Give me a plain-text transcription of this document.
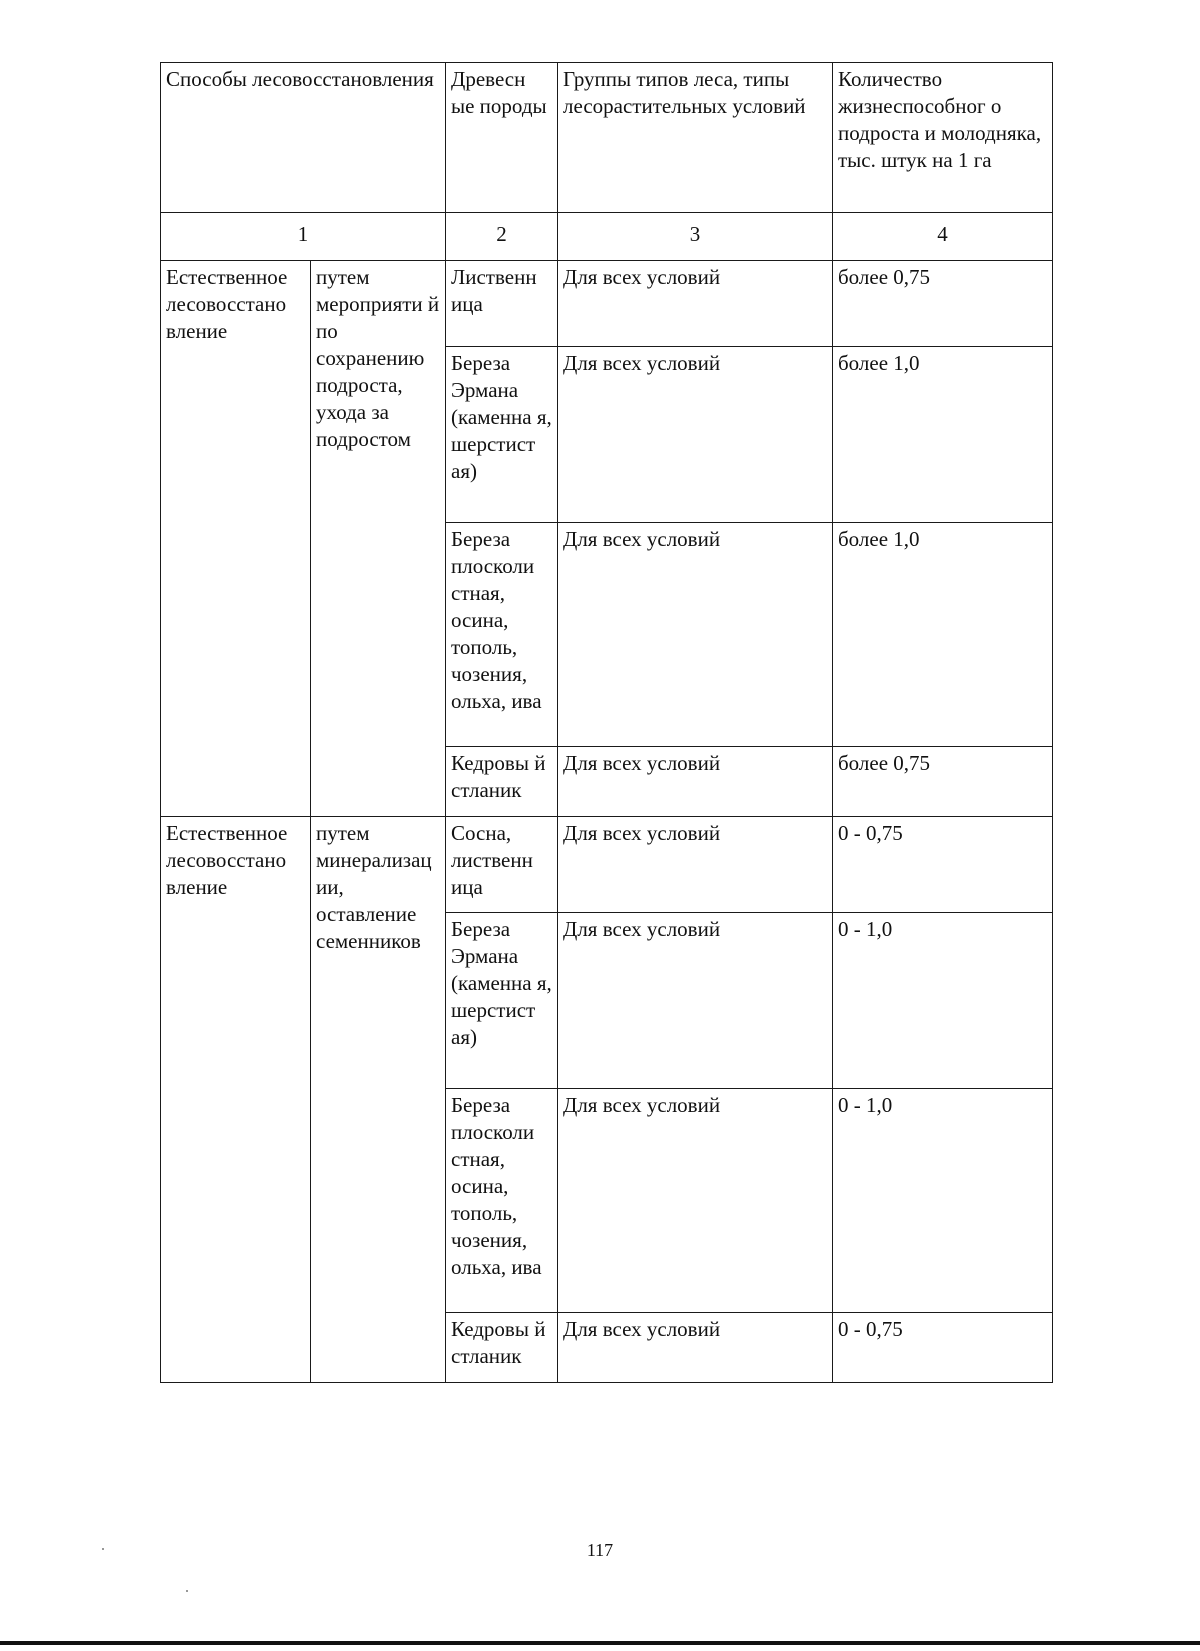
Способы лесовосстановления		Древесн ые породы	Группы типов леса, типы лесорастительных условий	Количество жизнеспособног о подроста и молодняка, тыс. штук на 1 га
1		2	3	4
Естественное лесовосстано вление	путем мероприяти й по сохранению подроста, ухода за подростом	Лиственн ица	Для всех условий	более 0,75
		Береза Эрмана (каменна я, шерстист ая)	Для всех условий	более 1,0
		Береза плосколи стная, осина, тополь, чозения, ольха, ива	Для всех условий	более 1,0
		Кедровы й стланик	Для всех условий	более 0,75
Естественное лесовосстано вление	путем минерализац ии, оставление семенников	Сосна, лиственн ица	Для всех условий	0 - 0,75
		Береза Эрмана (каменна я, шерстист ая)	Для всех условий	0 - 1,0
		Береза плосколи стная, осина, тополь, чозения, ольха, ива	Для всех условий	0 - 1,0
		Кедровы й стланик	Для всех условий	0 - 0,75
117
